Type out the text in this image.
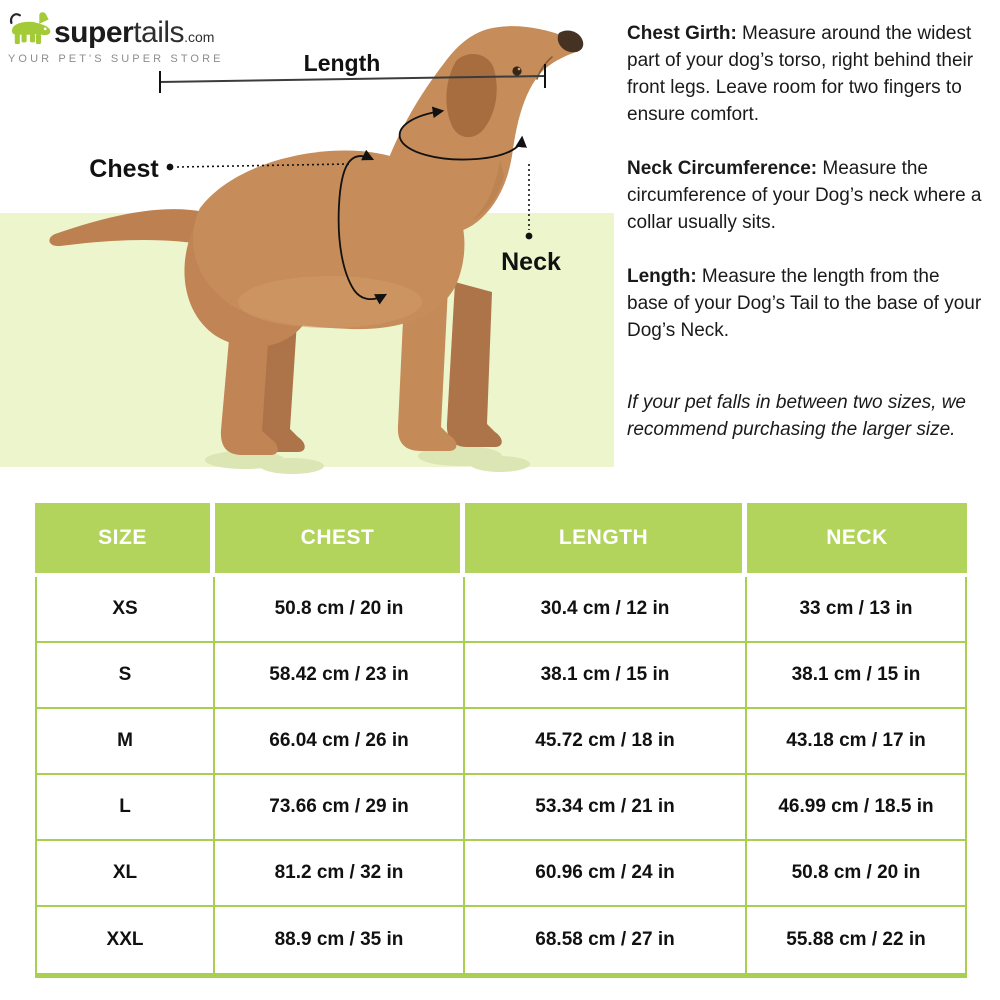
supertails.com
YOUR PET'S SUPER STORE	Length
Chest
Neck

Chest Girth: Measure around the widest part of your dog’s torso, right behind their front legs. Leave room for two fingers to ensure comfort.

Neck Circumference: Measure the circumference of your Dog’s neck where a collar usually sits.

Length: Measure the length from the base of your Dog’s Tail to the base of your Dog’s Neck.

If your pet falls in between two sizes, we recommend purchasing the larger size.

SIZE	CHEST	LENGTH	NECK
XS	50.8 cm / 20 in	30.4 cm / 12 in	33 cm / 13 in
S	58.42 cm / 23 in	38.1 cm / 15 in	38.1 cm / 15 in
M	66.04 cm / 26 in	45.72 cm / 18 in	43.18 cm / 17 in
L	73.66 cm / 29 in	53.34 cm / 21 in	46.99 cm / 18.5 in
XL	81.2 cm / 32 in	60.96 cm / 24 in	50.8 cm / 20 in
XXL	88.9 cm / 35 in	68.58 cm / 27 in	55.88 cm / 22 in
